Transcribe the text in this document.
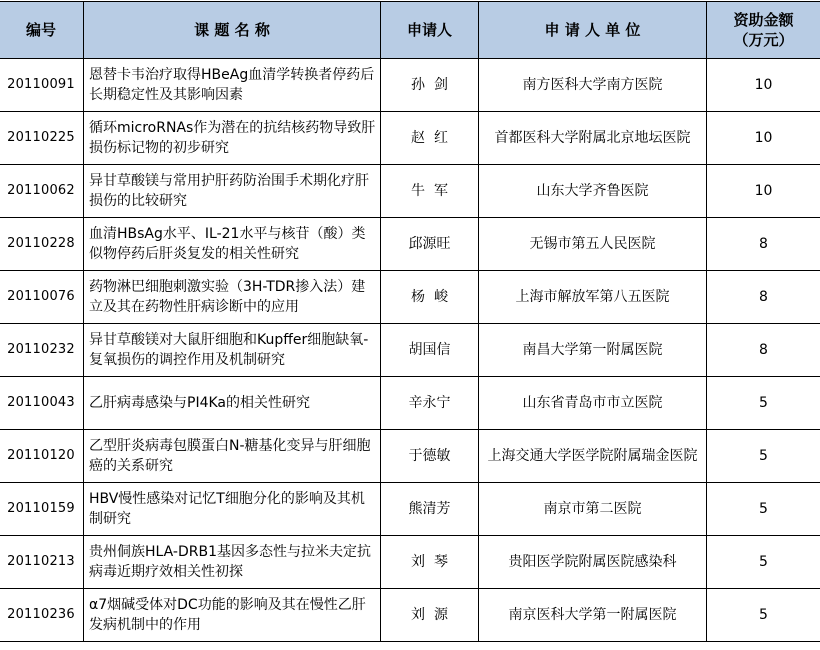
编号	课 题 名 称	申请人	申 请 人 单 位	资助金额
（万元）

20110091	恩替卡韦治疗取得HBeAg血清学转换者停药后长期稳定性及其影响因素	孙  剑	南方医科大学南方医院	10
20110225	循环microRNAs作为潜在的抗结核药物导致肝损伤标记物的初步研究	赵  红	首都医科大学附属北京地坛医院	10
20110062	异甘草酸镁与常用护肝药防治围手术期化疗肝损伤的比较研究	牛  军	山东大学齐鲁医院	10
20110228	血清HBsAg水平、IL-21水平与核苷（酸）类似物停药后肝炎复发的相关性研究	邱源旺	无锡市第五人民医院	8
20110076	药物淋巴细胞刺激实验（3H-TDR掺入法）建立及其在药物性肝病诊断中的应用	杨  峻	上海市解放军第八五医院	8
20110232	异甘草酸镁对大鼠肝细胞和Kupffer细胞缺氧-复氧损伤的调控作用及机制研究	胡国信	南昌大学第一附属医院	8
20110043	乙肝病毒感染与PI4Ka的相关性研究	辛永宁	山东省青岛市市立医院	5
20110120	乙型肝炎病毒包膜蛋白N-糖基化变异与肝细胞癌的关系研究	于德敏	上海交通大学医学院附属瑞金医院	5
20110159	HBV慢性感染对记忆T细胞分化的影响及其机制研究	熊清芳	南京市第二医院	5
20110213	贵州侗族HLA-DRB1基因多态性与拉米夫定抗病毒近期疗效相关性初探	刘  琴	贵阳医学院附属医院感染科	5
20110236	α7烟碱受体对DC功能的影响及其在慢性乙肝发病机制中的作用	刘  源	南京医科大学第一附属医院	5
